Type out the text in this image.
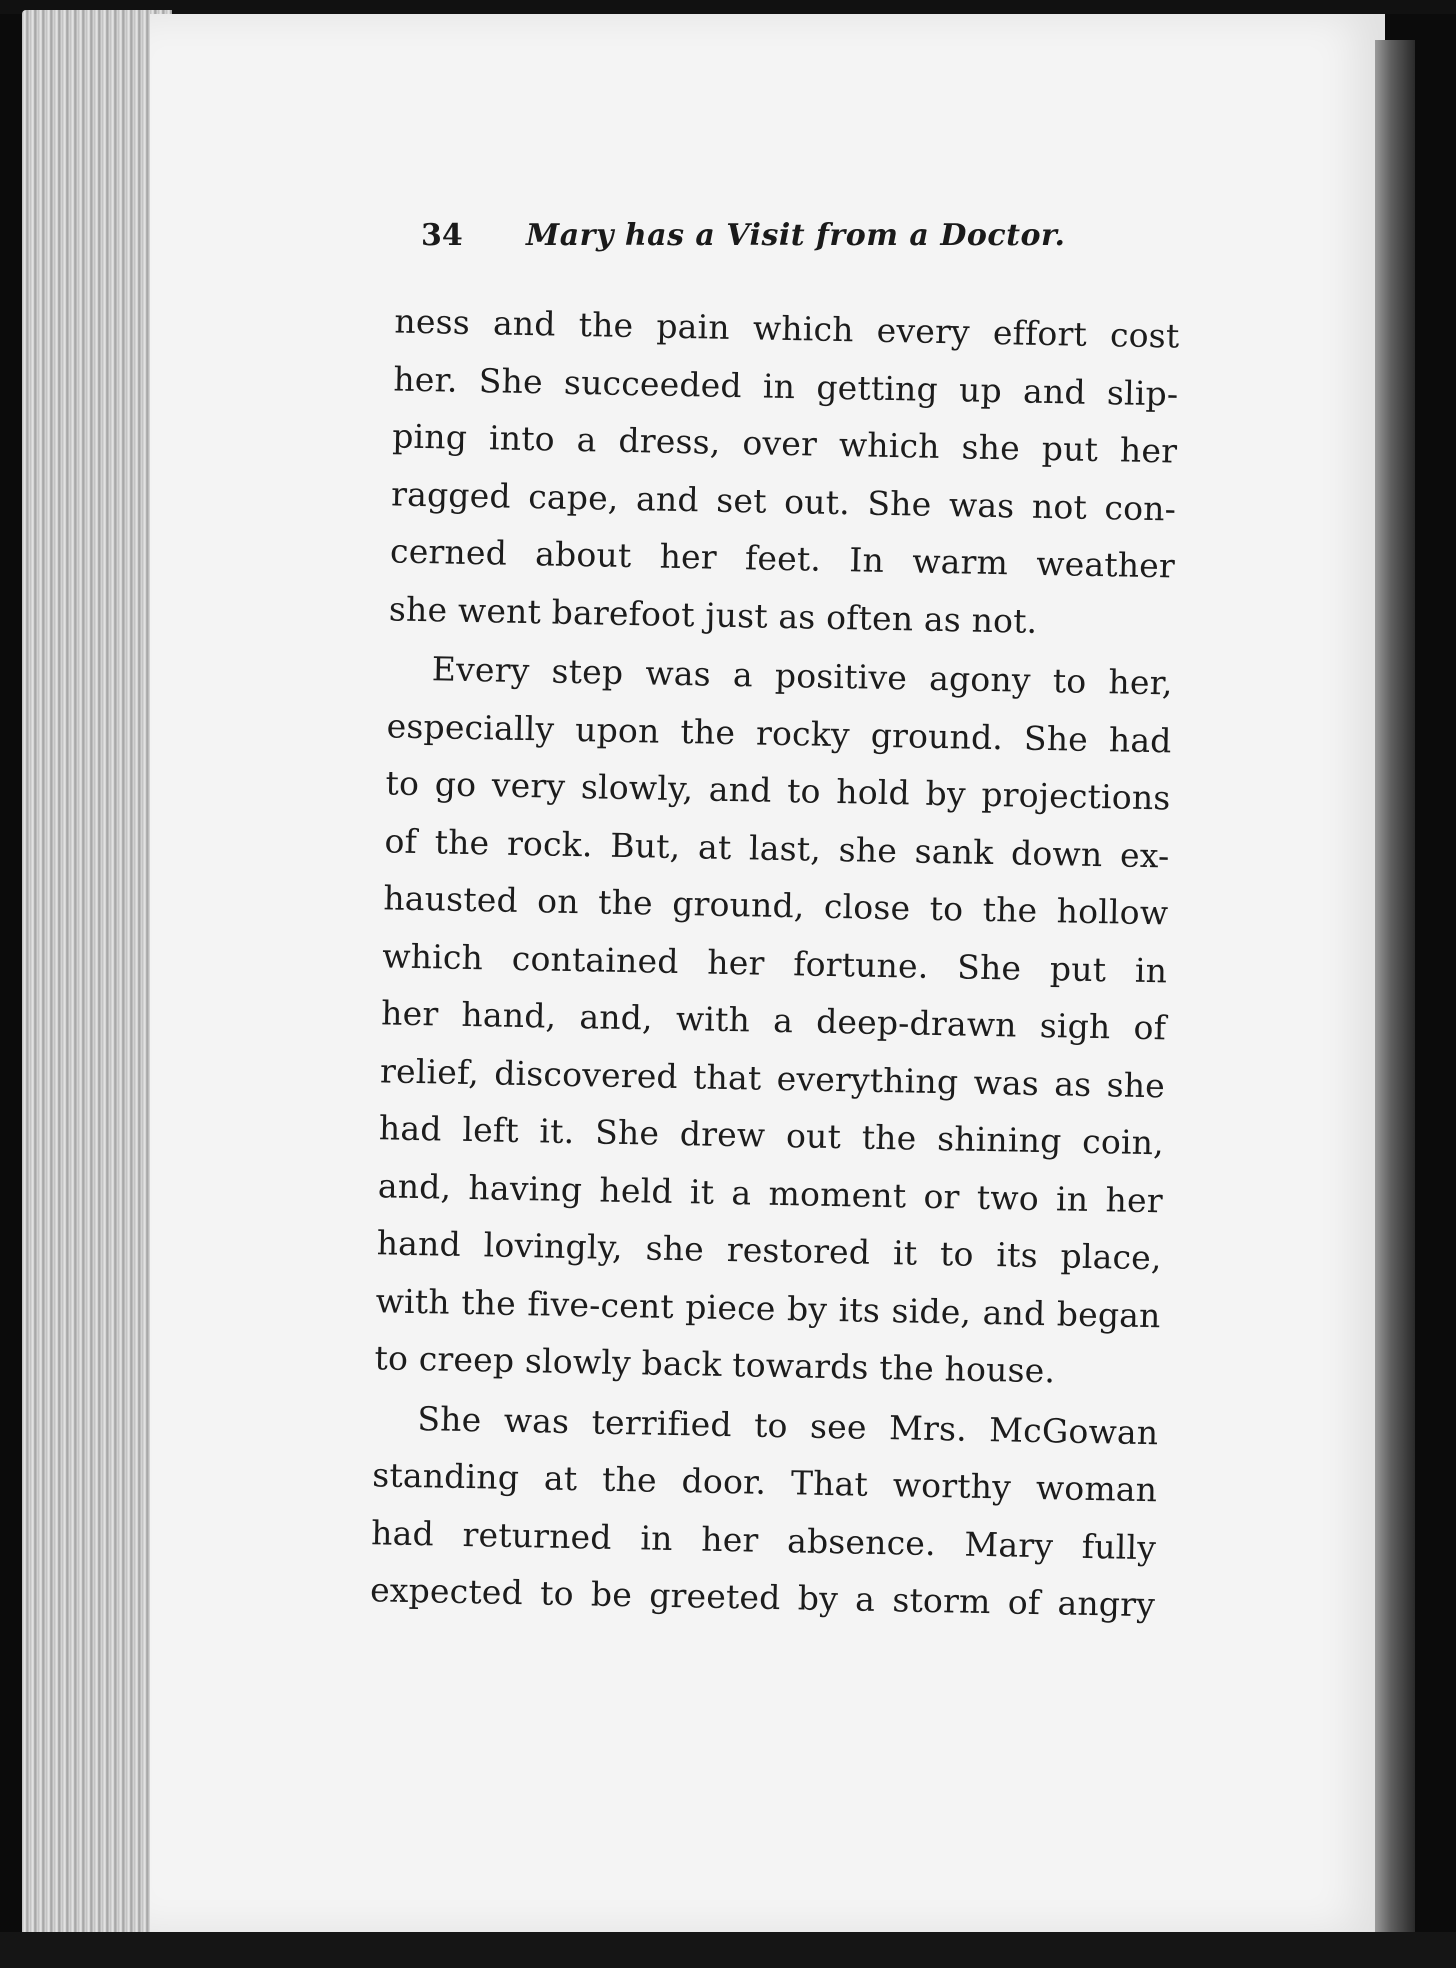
34 Mary has a Visit from a Doctor.
ness and the pain which every effort cost
her. She succeeded in getting up and slip-
ping into a dress, over which she put her
ragged cape, and set out. She was not con-
cerned about her feet. In warm weather
she went barefoot just as often as not.
Every step was a positive agony to her,
especially upon the rocky ground. She had
to go very slowly, and to hold by projections
of the rock. But, at last, she sank down ex-
hausted on the ground, close to the hollow
which contained her fortune. She put in
her hand, and, with a deep-drawn sigh of
relief, discovered that everything was as she
had left it. She drew out the shining coin,
and, having held it a moment or two in her
hand lovingly, she restored it to its place,
with the five-cent piece by its side, and began
to creep slowly back towards the house.
She was terrified to see Mrs. McGowan
standing at the door. That worthy woman
had returned in her absence. Mary fully
expected to be greeted by a storm of angry
